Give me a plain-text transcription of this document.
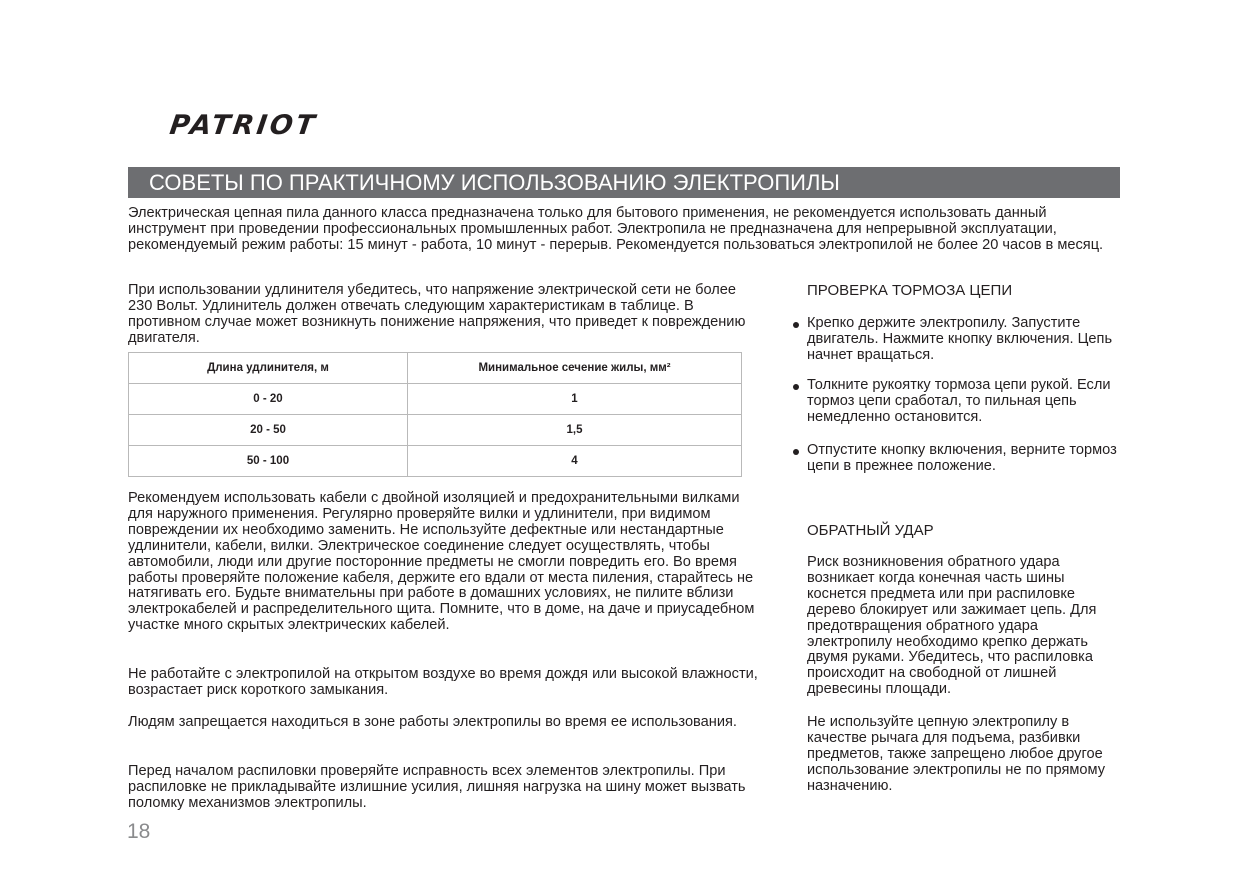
PATRIOT
СОВЕТЫ ПО ПРАКТИЧНОМУ ИСПОЛЬЗОВАНИЮ ЭЛЕКТРОПИЛЫ

Электрическая цепная пила данного класса предназначена только для бытового применения, не рекомендуется использовать данный инструмент при проведении профессиональных промышленных работ. Электропила не предназначена для непрерывной эксплуатации, рекомендуемый режим работы: 15 минут - работа, 10 минут - перерыв. Рекомендуется пользоваться электропилой не более 20 часов в месяц.

При использовании удлинителя убедитесь, что напряжение электрической сети не более 230 Вольт. Удлинитель должен отвечать следующим характеристикам в таблице. В противном случае может возникнуть понижение напряжения, что приведет к повреждению двигателя.

Длина удлинителя, м	Минимальное сечение жилы, мм²
0 - 20	1
20 - 50	1,5
50 - 100	4

Рекомендуем использовать кабели с двойной изоляцией и предохранительными вилками для наружного применения. Регулярно проверяйте вилки и удлинители, при видимом повреждении их необходимо заменить. Не используйте дефектные или нестандартные удлинители, кабели, вилки. Электрическое соединение следует осуществлять, чтобы автомобили, люди или другие посторонние предметы не смогли повредить его. Во время работы проверяйте положение кабеля, держите его вдали от места пиления, старайтесь не натягивать его. Будьте внимательны при работе в домашних условиях, не пилите вблизи электрокабелей и распределительного щита. Помните, что в доме, на даче и приусадебном участке много скрытых электрических кабелей.

Не работайте с электропилой на открытом воздухе во время дождя или высокой влажности, возрастает риск короткого замыкания.

Людям запрещается находиться в зоне работы электропилы во время ее использования.

Перед началом распиловки проверяйте исправность всех элементов электропилы. При распиловке не прикладывайте излишние усилия, лишняя нагрузка на шину может вызвать поломку механизмов электропилы.

18
ПРОВЕРКА ТОРМОЗА ЦЕПИ
Крепко держите электропилу. Запустите двигатель. Нажмите кнопку включения. Цепь начнет вращаться.
Толкните рукоятку тормоза цепи рукой. Если тормоз цепи сработал, то пильная цепь немедленно остановится.
Отпустите кнопку включения, верните тормоз цепи в прежнее положение.
ОБРАТНЫЙ УДАР

Риск возникновения обратного удара возникает когда конечная часть шины коснется предмета или при распиловке дерево блокирует или зажимает цепь. Для предотвращения обратного удара электропилу необходимо крепко держать двумя руками. Убедитесь, что распиловка происходит на свободной от лишней древесины площади.

Не используйте цепную электропилу в качестве рычага для подъема, разбивки предметов, также запрещено любое другое использование электропилы не по прямому назначению.
